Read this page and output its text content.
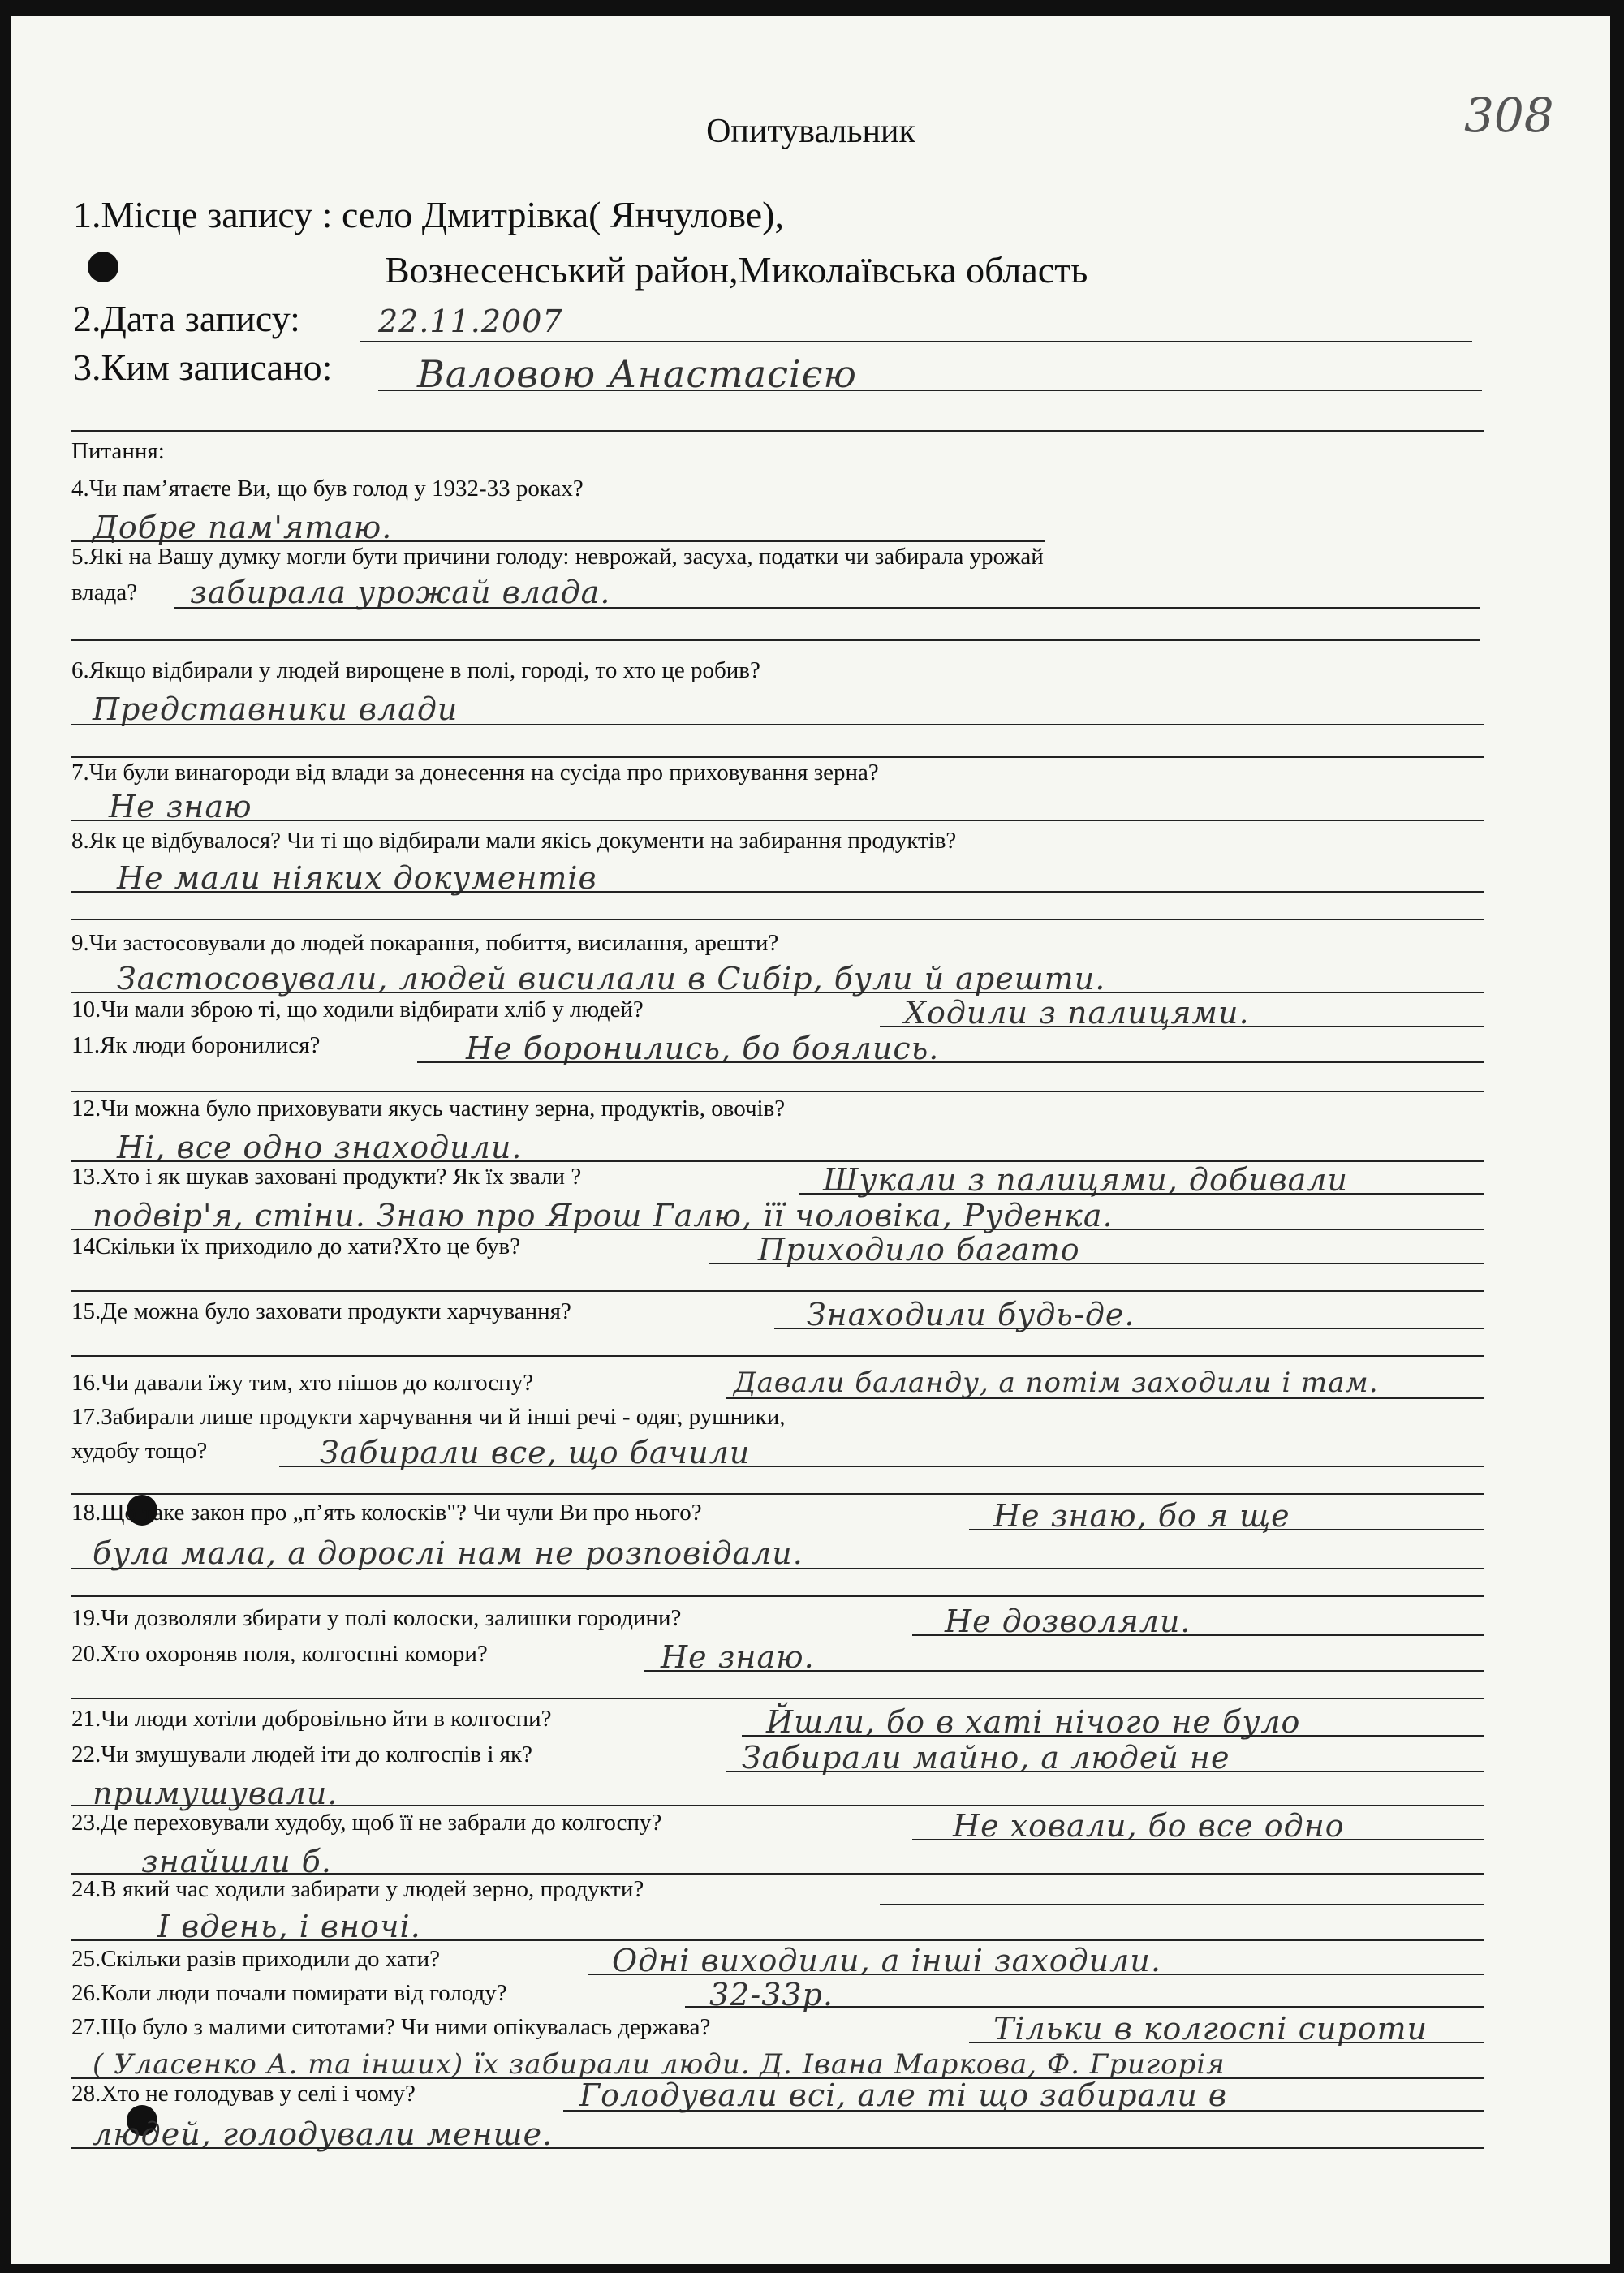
308
Опитувальник
1.Місце запису : село Дмитрівка( Янчулове),
Вознесенський район,Миколаївська область
2.Дата запису:	22.11.2007
3.Ким записано: Валовою Анастасією
Питання:
4.Чи пам’ятаєте Ви, що був голод у 1932-33 роках?
Добре пам'ятаю.
5.Які на Вашу думку могли бути причини голоду: неврожай, засуха, податки чи забирала урожай
влада? забирала урожай влада.
6.Якщо відбирали у людей вирощене в полі, городі, то хто це робив?
Представники влади
7.Чи були винагороди від влади за донесення на сусіда про приховування зерна?
Не знаю
8.Як це відбувалося? Чи ті що відбирали мали якісь документи на забирання продуктів?
Не мали ніяких документів
9.Чи застосовували до людей покарання, побиття, висилання, арешти?
Застосовували, людей висилали в Сибір, були й арешти.
10.Чи мали зброю ті, що ходили відбирати хліб у людей?	Ходили з палицями.
11.Як люди боронилися?	Не боронились, бо боялись.
12.Чи можна було приховувати якусь частину зерна, продуктів, овочів?
Ні, все одно знаходили.
13.Хто і як шукав заховані продукти? Як їх звали ?	Шукали з палицями, добивали
подвір'я, стіни. Знаю про Ярош Галю, її чоловіка, Руденка.
14Скільки їх приходило до хати?Хто це був?	Приходило багато
15.Де можна було заховати продукти харчування?	Знаходили будь-де.
16.Чи давали їжу тим, хто пішов до колгоспу?	Давали баланду, а потім заходили і там.
17.Забирали лише продукти харчування чи й інші речі - одяг, рушники,
худобу тощо?	Забирали все, що бачили
18.Що таке закон про „п’ять колосків"? Чи чули Ви про нього?	Не знаю, бо я ще
була мала, а дорослі нам не розповідали.
19.Чи дозволяли збирати у полі колоски, залишки городини?	Не дозволяли.
20.Хто охороняв поля, колгоспні комори?	Не знаю.
21.Чи люди хотіли добровільно йти в колгоспи?	Йшли, бо в хаті нічого не було
22.Чи змушували людей іти до колгоспів і як?	Забирали майно, а людей не
примушували.
23.Де переховували худобу, щоб її не забрали до колгоспу?	Не ховали, бо все одно
знайшли б.
24.В який час ходили забирати у людей зерно, продукти?
І вдень, і вночі.
25.Скільки разів приходили до хати?	Одні виходили, а інші заходили.
26.Коли люди почали помирати від голоду?	32-33р.
27.Що було з малими ситотами? Чи ними опікувалась держава?	Тільки в колгоспі сироти
( Уласенко А. та інших) їх забирали люди. Д. Івана Маркова, Ф. Григорія
28.Хто не голодував у селі і чому?	Голодували всі, але ті що забирали в
людей, голодували менше.
